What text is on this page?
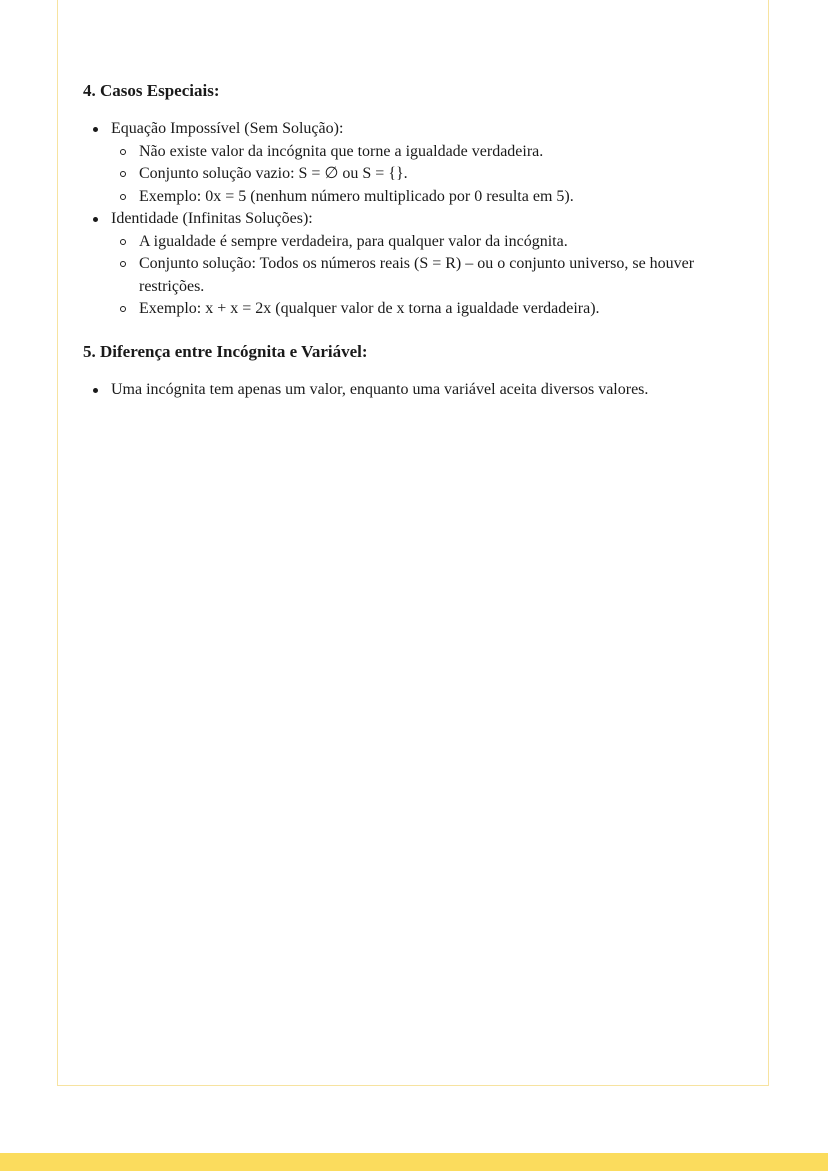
4. Casos Especiais:
Equação Impossível (Sem Solução):
Não existe valor da incógnita que torne a igualdade verdadeira.
Conjunto solução vazio: S = ∅ ou S = {}.
Exemplo: 0x = 5 (nenhum número multiplicado por 0 resulta em 5).
Identidade (Infinitas Soluções):
A igualdade é sempre verdadeira, para qualquer valor da incógnita.
Conjunto solução: Todos os números reais (S = R) – ou o conjunto universo, se houver restrições.
Exemplo: x + x = 2x (qualquer valor de x torna a igualdade verdadeira).
5. Diferença entre Incógnita e Variável:
Uma incógnita tem apenas um valor, enquanto uma variável aceita diversos valores.
